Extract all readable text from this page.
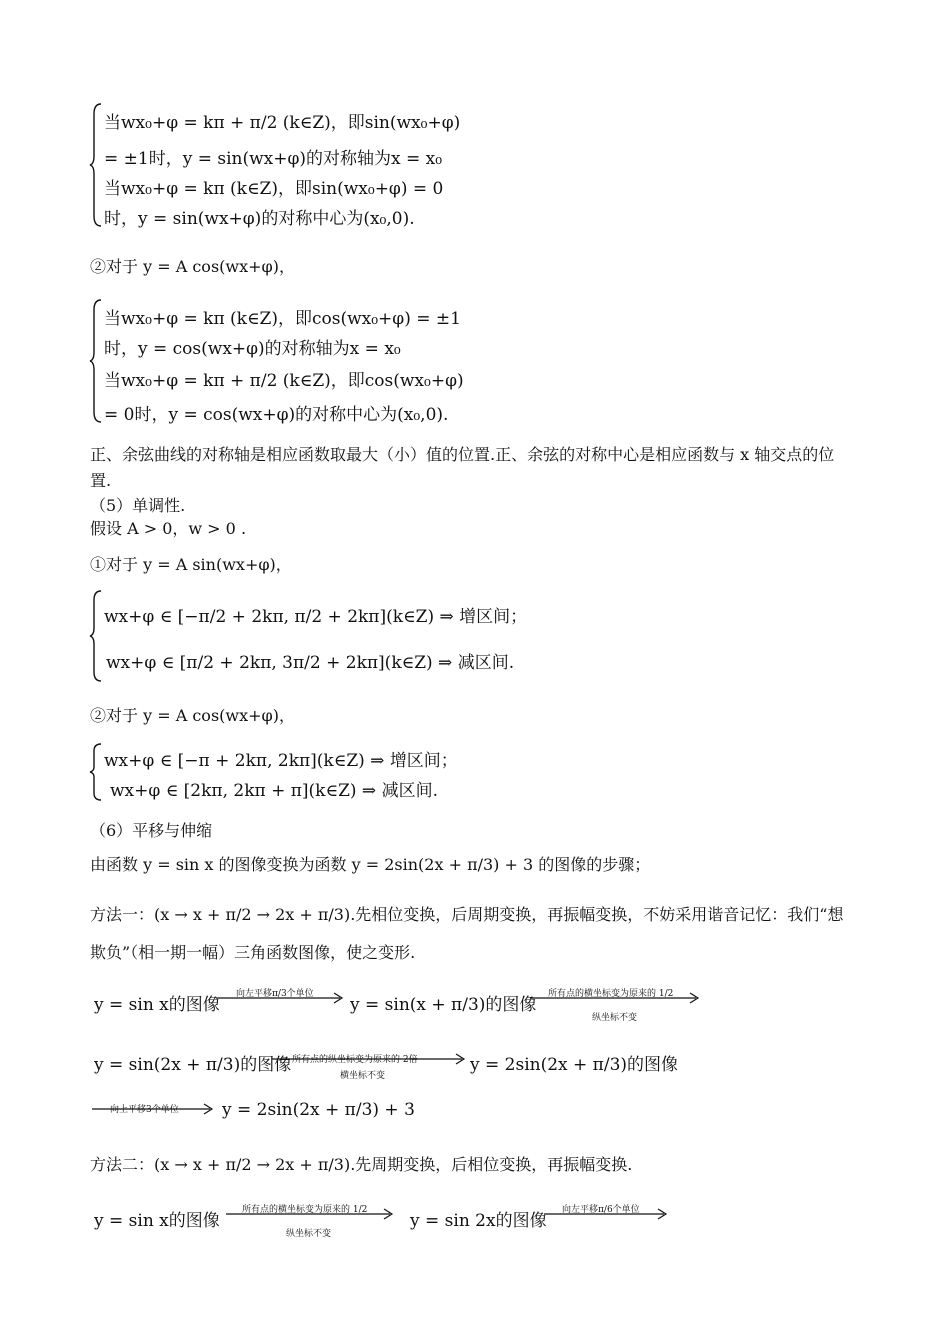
当wx₀+φ = kπ + π/2 (k∈Z)，即sin(wx₀+φ)
= ±1时，y = sin(wx+φ)的对称轴为x = x₀
当wx₀+φ = kπ (k∈Z)，即sin(wx₀+φ) = 0
时，y = sin(wx+φ)的对称中心为(x₀,0).
②对于 y = A cos(wx+φ)，
当wx₀+φ = kπ (k∈Z)，即cos(wx₀+φ) = ±1
时，y = cos(wx+φ)的对称轴为x = x₀
当wx₀+φ = kπ + π/2 (k∈Z)，即cos(wx₀+φ)
= 0时，y = cos(wx+φ)的对称中心为(x₀,0).
正、余弦曲线的对称轴是相应函数取最大（小）值的位置.正、余弦的对称中心是相应函数与 x 轴交点的位
置.
（5）单调性.
假设 A > 0，w > 0 .
①对于 y = A sin(wx+φ)，
wx+φ ∈ [−π/2 + 2kπ, π/2 + 2kπ](k∈Z) ⇒ 增区间；
wx+φ ∈ [π/2 + 2kπ, 3π/2 + 2kπ](k∈Z) ⇒ 减区间.
②对于 y = A cos(wx+φ)，
wx+φ ∈ [−π + 2kπ, 2kπ](k∈Z) ⇒ 增区间；
wx+φ ∈ [2kπ, 2kπ + π](k∈Z) ⇒ 减区间.
（6）平移与伸缩
由函数 y = sin x 的图像变换为函数 y = 2sin(2x + π/3) + 3 的图像的步骤；
方法一：(x → x + π/2 → 2x + π/3).先相位变换，后周期变换，再振幅变换，不妨采用谐音记忆：我们“想
欺负”（相一期一幅）三角函数图像，使之变形.
y = sin x的图像
向左平移π/3个单位
y = sin(x + π/3)的图像
所有点的横坐标变为原来的 1/2
纵坐标不变
y = sin(2x + π/3)的图像 所有点的纵坐标变为原来的 2倍
横坐标不变
y = 2sin(2x + π/3)的图像
向上平移3个单位	y = 2sin(2x + π/3) + 3
方法二：(x → x + π/2 → 2x + π/3).先周期变换，后相位变换，再振幅变换.
y = sin x的图像
所有点的横坐标变为原来的 1/2
纵坐标不变
y = sin 2x的图像
向左平移π/6个单位
